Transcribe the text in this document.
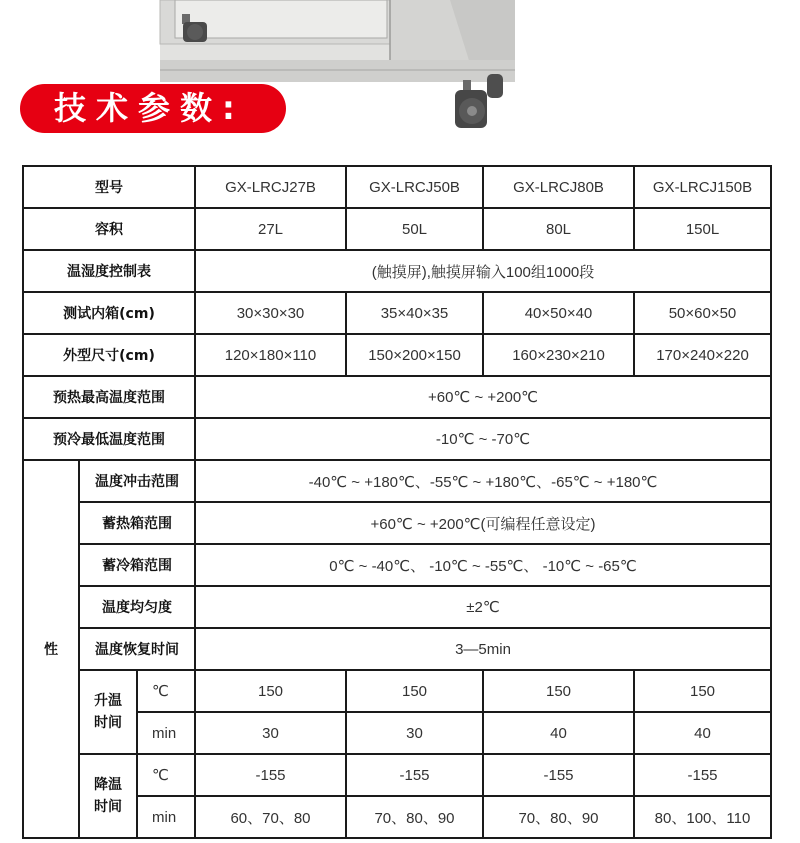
技术参数:
型号			GX-LRCJ27B	GX-LRCJ50B	GX-LRCJ80B	GX-LRCJ150B
容积			27L	50L	80L	150L
温湿度控制表			(触摸屏),触摸屏输入100组1000段			
测试内箱(cm)			30×30×30	35×40×35	40×50×40	50×60×50
外型尺寸(cm)			120×180×110	150×200×150	160×230×210	170×240×220
预热最高温度范围			+60℃ ~ +200℃			
预冷最低温度范围			-10℃ ~ -70℃			
性	温度冲击范围		-40℃ ~ +180℃、-55℃ ~ +180℃、-65℃ ~ +180℃			
	蓄热箱范围		+60℃ ~ +200℃(可编程任意设定)			
	蓄冷箱范围		0℃ ~ -40℃、 -10℃ ~ -55℃、 -10℃ ~ -65℃			
	温度均匀度		±2℃			
	温度恢复时间		3—5min			
	升温
时间	℃	150	150	150	150
		min	30	30	40	40
	降温
时间	℃	-155	-155	-155	-155
		min	60、70、80	70、80、90	70、80、90	80、100、110
